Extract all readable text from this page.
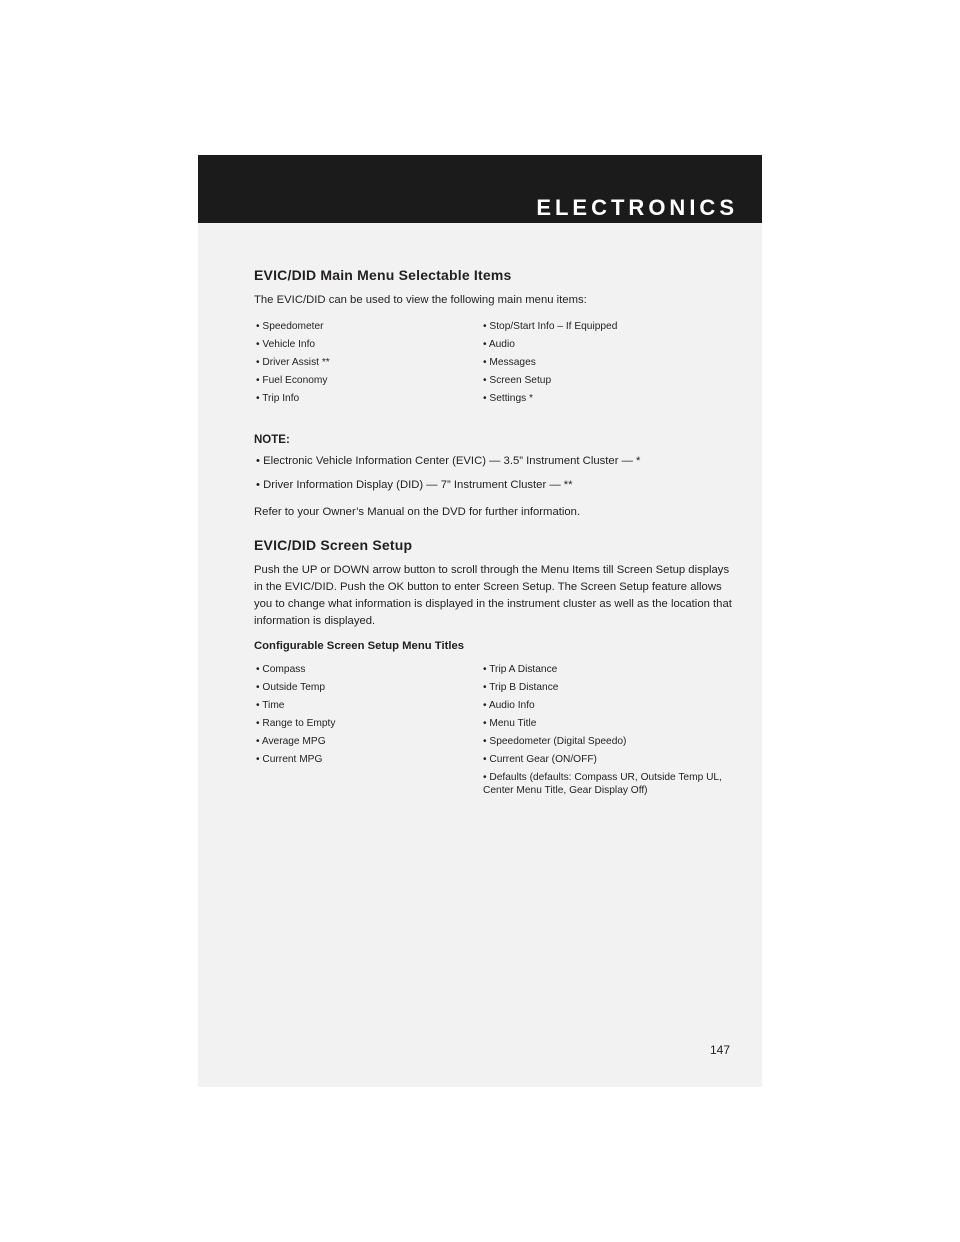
ELECTRONICS
EVIC/DID Main Menu Selectable Items

The EVIC/DID can be used to view the following main menu items:

• Speedometer	• Stop/Start Info – If Equipped
• Vehicle Info	• Audio
• Driver Assist **	• Messages
• Fuel Economy	• Screen Setup
• Trip Info	• Settings *
NOTE:
• Electronic Vehicle Information Center (EVIC) — 3.5” Instrument Cluster — *
• Driver Information Display (DID) — 7” Instrument Cluster — **

Refer to your Owner’s Manual on the DVD for further information.

EVIC/DID Screen Setup

Push the UP or DOWN arrow button to scroll through the Menu Items till Screen Setup displays in the EVIC/DID. Push the OK button to enter Screen Setup. The Screen Setup feature allows you to change what information is displayed in the instrument cluster as well as the location that information is displayed.

Configurable Screen Setup Menu Titles
• Compass	• Trip A Distance
• Outside Temp	• Trip B Distance
• Time	• Audio Info
• Range to Empty	• Menu Title
• Average MPG	• Speedometer (Digital Speedo)
• Current MPG	• Current Gear (ON/OFF)
• Defaults (defaults: Compass UR, Outside Temp UL, Center Menu Title, Gear Display Off)
147
